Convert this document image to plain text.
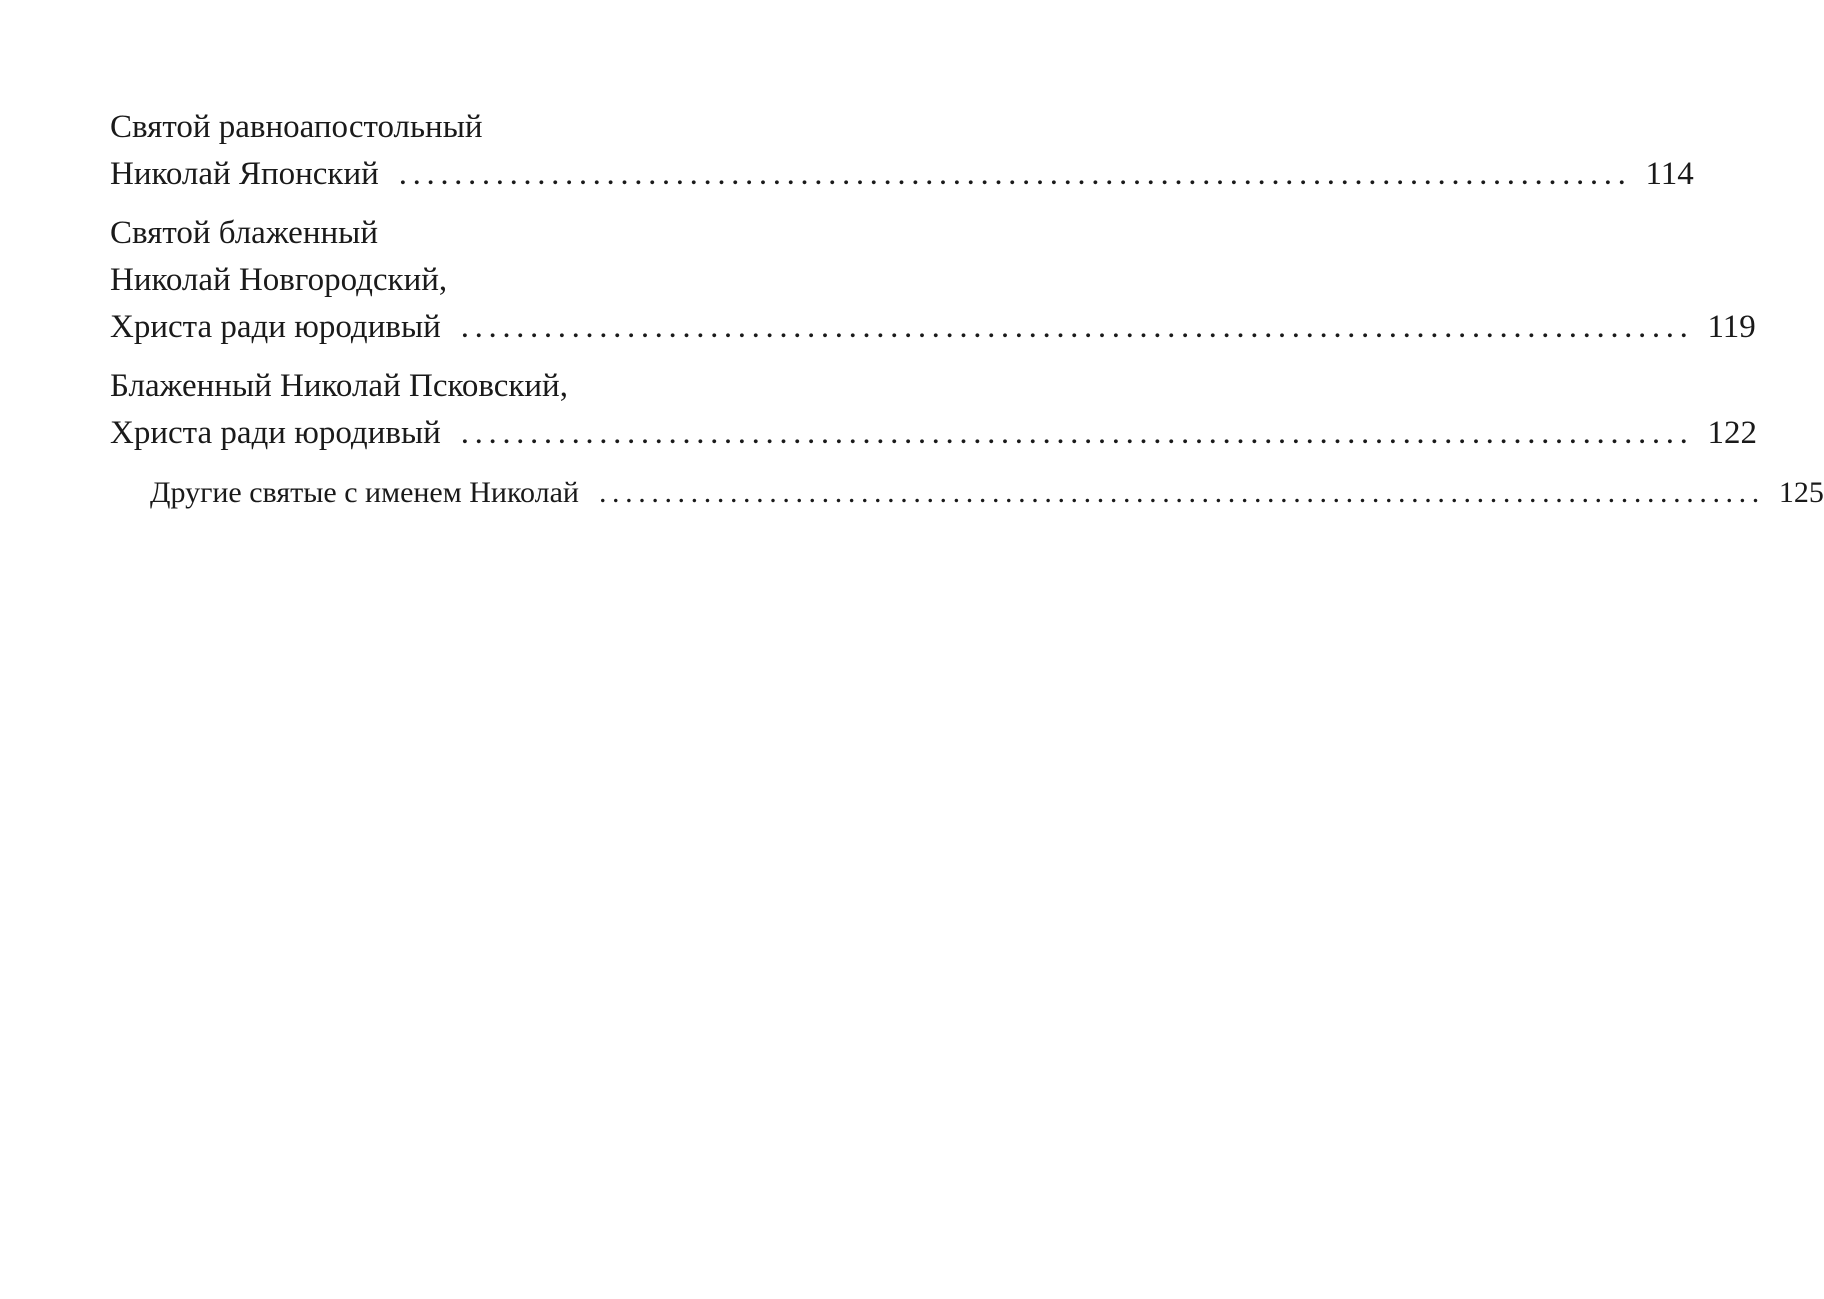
Святой равноапостольный
Николай Японский ......................................................................................... 114
Святой блаженный
Николай Новгородский,
Христа ради юродивый ......................................................................................... 119
Блаженный Николай Псковский,
Христа ради юродивый ......................................................................................... 122
Другие святые с именем Николай ......................................................................................... 125
